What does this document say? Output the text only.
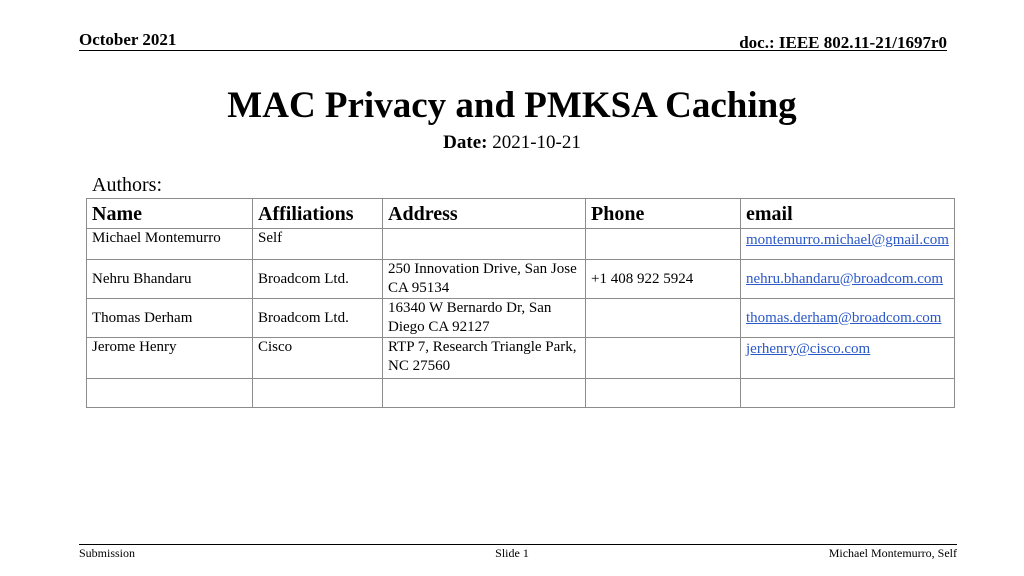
October 2021	doc.: IEEE 802.11-21/1697r0
MAC Privacy and PMKSA Caching
Date: 2021-10-21
Authors:
Name	Affiliations	Address	Phone	email
Michael Montemurro	Self			montemurro.michael@gmail.com
Nehru Bhandaru	Broadcom Ltd.	250 Innovation Drive, San Jose CA 95134	+1 408 922 5924	nehru.bhandaru@broadcom.com
Thomas Derham	Broadcom Ltd.	16340 W Bernardo Dr, San Diego CA 92127		thomas.derham@broadcom.com
Jerome Henry	Cisco	RTP 7, Research Triangle Park, NC 27560		jerhenry@cisco.com

Submission	Slide 1	Michael Montemurro, Self
